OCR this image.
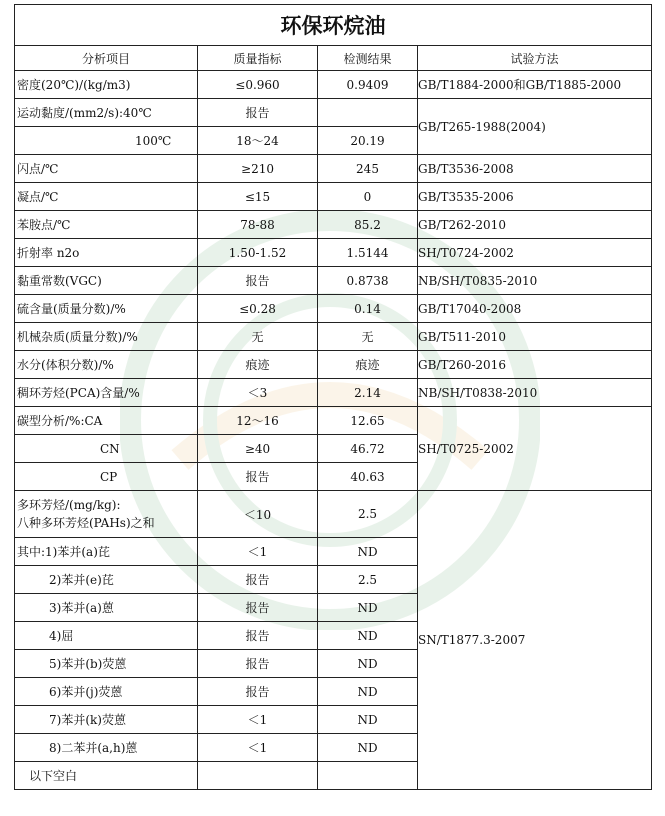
环保环烷油			
分析项目	质量指标	检测结果	试验方法
密度(20℃)/(kg/m3)	≤0.960	0.9409	GB/T1884-2000和GB/T1885-2000
运动黏度/(mm2/s):40℃	报告		GB/T265-1988(2004)
100℃	18～24	20.19	
闪点/℃	≥210	245	GB/T3536-2008
凝点/℃	≤15	0	GB/T3535-2006
苯胺点/℃	78-88	85.2	GB/T262-2010
折射率 n2o	1.50-1.52	1.5144	SH/T0724-2002
黏重常数(VGC)	报告	0.8738	NB/SH/T0835-2010
硫含量(质量分数)/%	≤0.28	0.14	GB/T17040-2008
机械杂质(质量分数)/%	无	无	GB/T511-2010
水分(体积分数)/%	痕迹	痕迹	GB/T260-2016
稠环芳烃(PCA)含量/%	＜3	2.14	NB/SH/T0838-2010
碳型分析/%:CA	12～16	12.65	SH/T0725-2002
CN	≥40	46.72	
CP	报告	40.63	

多环芳烃/(mg/kg):
八种多环芳烃(PAHs)之和	＜10	2.5	SN/T1877.3-2007
其中:1)苯并(a)芘	＜1	ND	
2)苯并(e)芘	报告	2.5	
3)苯并(a)蒽	报告	ND	
4)屈	报告	ND	
5)苯并(b)荧蒽	报告	ND	
6)苯并(j)荧蒽	报告	ND	
7)苯并(k)荧蒽	＜1	ND	
8)二苯并(a,h)蒽	＜1	ND	
以下空白			
